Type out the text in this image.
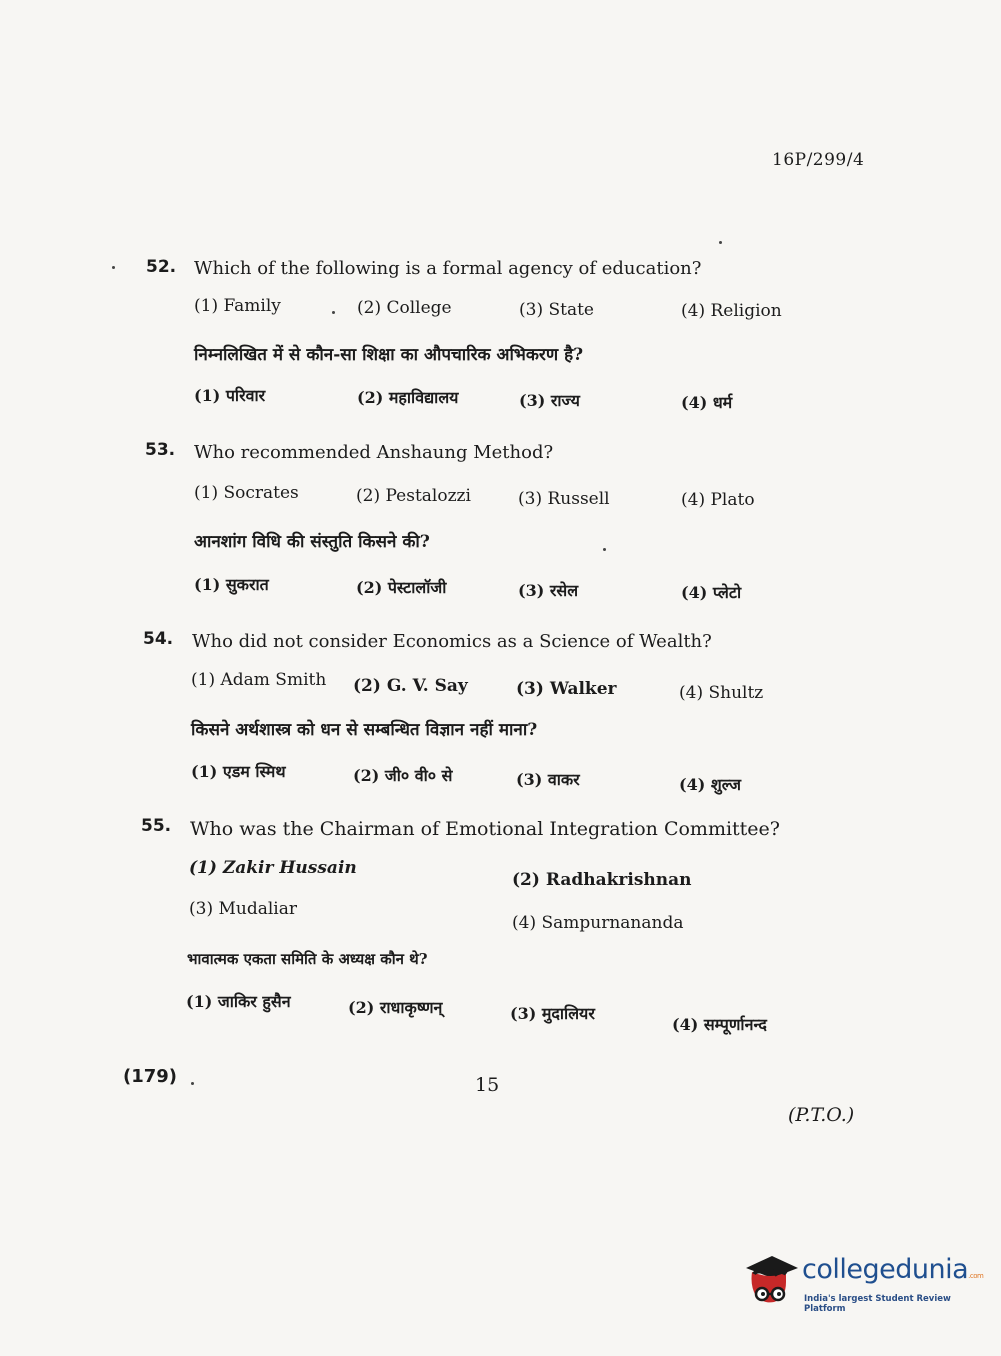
16P/299/4
52. Which of the following is a formal agency of education?
(1) Family	(2) College	(3) State	(4) Religion
निम्नलिखित में से कौन-सा शिक्षा का औपचारिक अभिकरण है?
(1) परिवार	(2) महाविद्यालय	(3) राज्य	(4) धर्म
53. Who recommended Anshaung Method?
(1) Socrates	(2) Pestalozzi	(3) Russell	(4) Plato
आनशांग विधि की संस्तुति किसने की?
(1) सुकरात	(2) पेस्टालॉजी	(3) रसेल	(4) प्लेटो
54. Who did not consider Economics as a Science of Wealth?
(1) Adam Smith (2) G. V. Say	(3) Walker	(4) Shultz
किसने अर्थशास्त्र को धन से सम्बन्धित विज्ञान नहीं माना?
(1) एडम स्मिथ	(2) जी० वी० से	(3) वाकर	(4) शुल्ज
55. Who was the Chairman of Emotional Integration Committee?
(1) Zakir Hussain
(2) Radhakrishnan
(3) Mudaliar
(4) Sampurnananda
भावात्मक एकता समिति के अध्यक्ष कौन थे?
(1) जाकिर हुसैन	(2) राधाकृष्णन्	(3) मुदालियर
(4) सम्पूर्णानन्द
(179)	15
(P.T.O.)
collegedunia.com
India's largest Student Review Platform
